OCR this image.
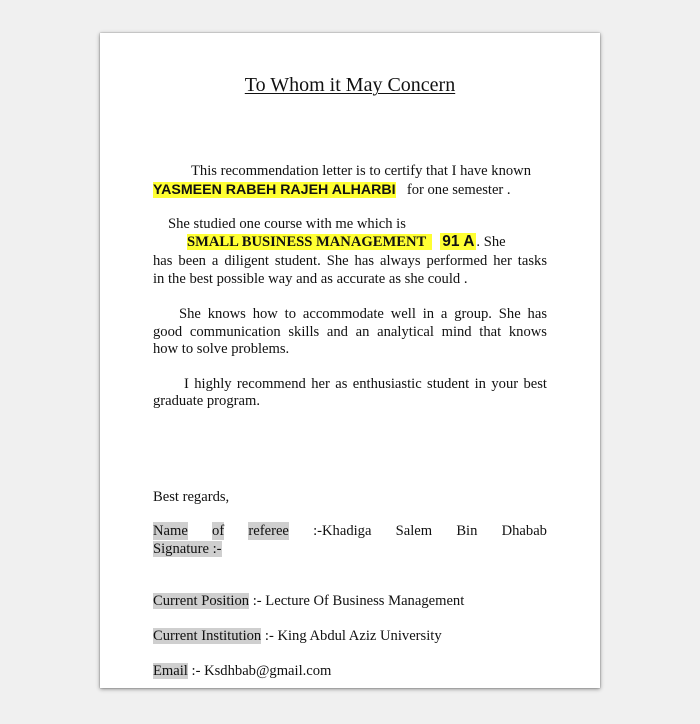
To Whom it May Concern
This recommendation letter is to certify that I have known
YASMEEN RABEH RAJEH ALHARBI for one semester .
She studied one course with me which is
SMALL BUSINESS MANAGEMENT 91 A . She
has been a diligent student. She has always performed her tasks
in the best possible way and as accurate as she could .
She knows how to accommodate well in a group. She has
good communication skills and an analytical mind that knows
how to solve problems.
I highly recommend her as enthusiastic student in your best
graduate program.
Best regards,
Name of referee :-Khadiga Salem Bin Dhabab
Signature :-
Current Position :- Lecture Of Business Management
Current Institution :- King Abdul Aziz University
Email :- Ksdhbab@gmail.com
